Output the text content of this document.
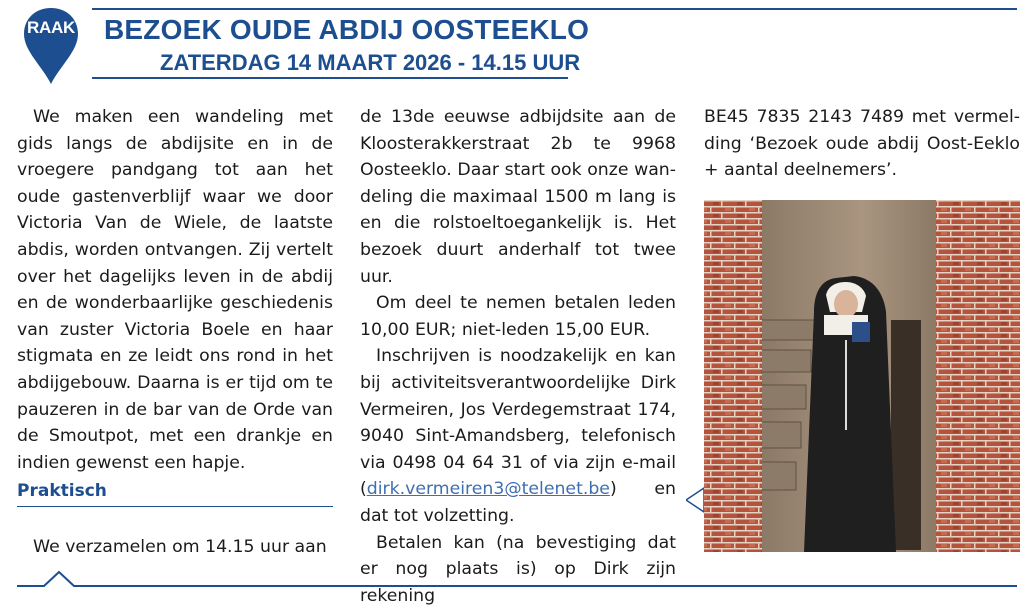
RAAK BEZOEK OUDE ABDIJ OOSTEEKLO
ZATERDAG 14 MAART 2026 - 14.15 UUR

We maken een wandeling met gids langs de abdijsite en in de vroegere pandgang tot aan het oude gastenverblijf waar we door Victoria Van de Wiele, de laatste abdis, worden ontvangen. Zij vertelt over het dagelijks leven in de abdij en de wonderbaarlijke geschiedenis van zuster Victoria Boele en haar stigmata en ze leidt ons rond in het abdijgebouw. Daarna is er tijd om te pauzeren in de bar van de Orde van de Smoutpot, met een drankje en indien gewenst een hapje.

Praktisch

We verzamelen om 14.15 uur aan

de 13de eeuwse adbijdsite aan de Kloosterakkerstraat 2b te 9968 Oosteeklo. Daar start ook onze wandeling die maximaal 1500 m lang is en die rolstoeltoegankelijk is. Het bezoek duurt anderhalf tot twee uur.

Om deel te nemen betalen leden 10,00 EUR; niet-leden 15,00 EUR.

Inschrijven is noodzakelijk en kan bij activiteitsverantwoordelijke Dirk Vermeiren, Jos Verdegemstraat 174, 9040 Sint-Amandsberg, telefonisch via 0498 04 64 31 of via zijn e-mail (dirk.vermeiren3@telenet.be) en dat tot volzetting.

Betalen kan (na bevestiging dat er nog plaats is) op Dirk zijn rekening

BE45 7835 2143 7489 met vermelding ‘Bezoek oude abdij Oost-Eeklo + aantal deelnemers’.
